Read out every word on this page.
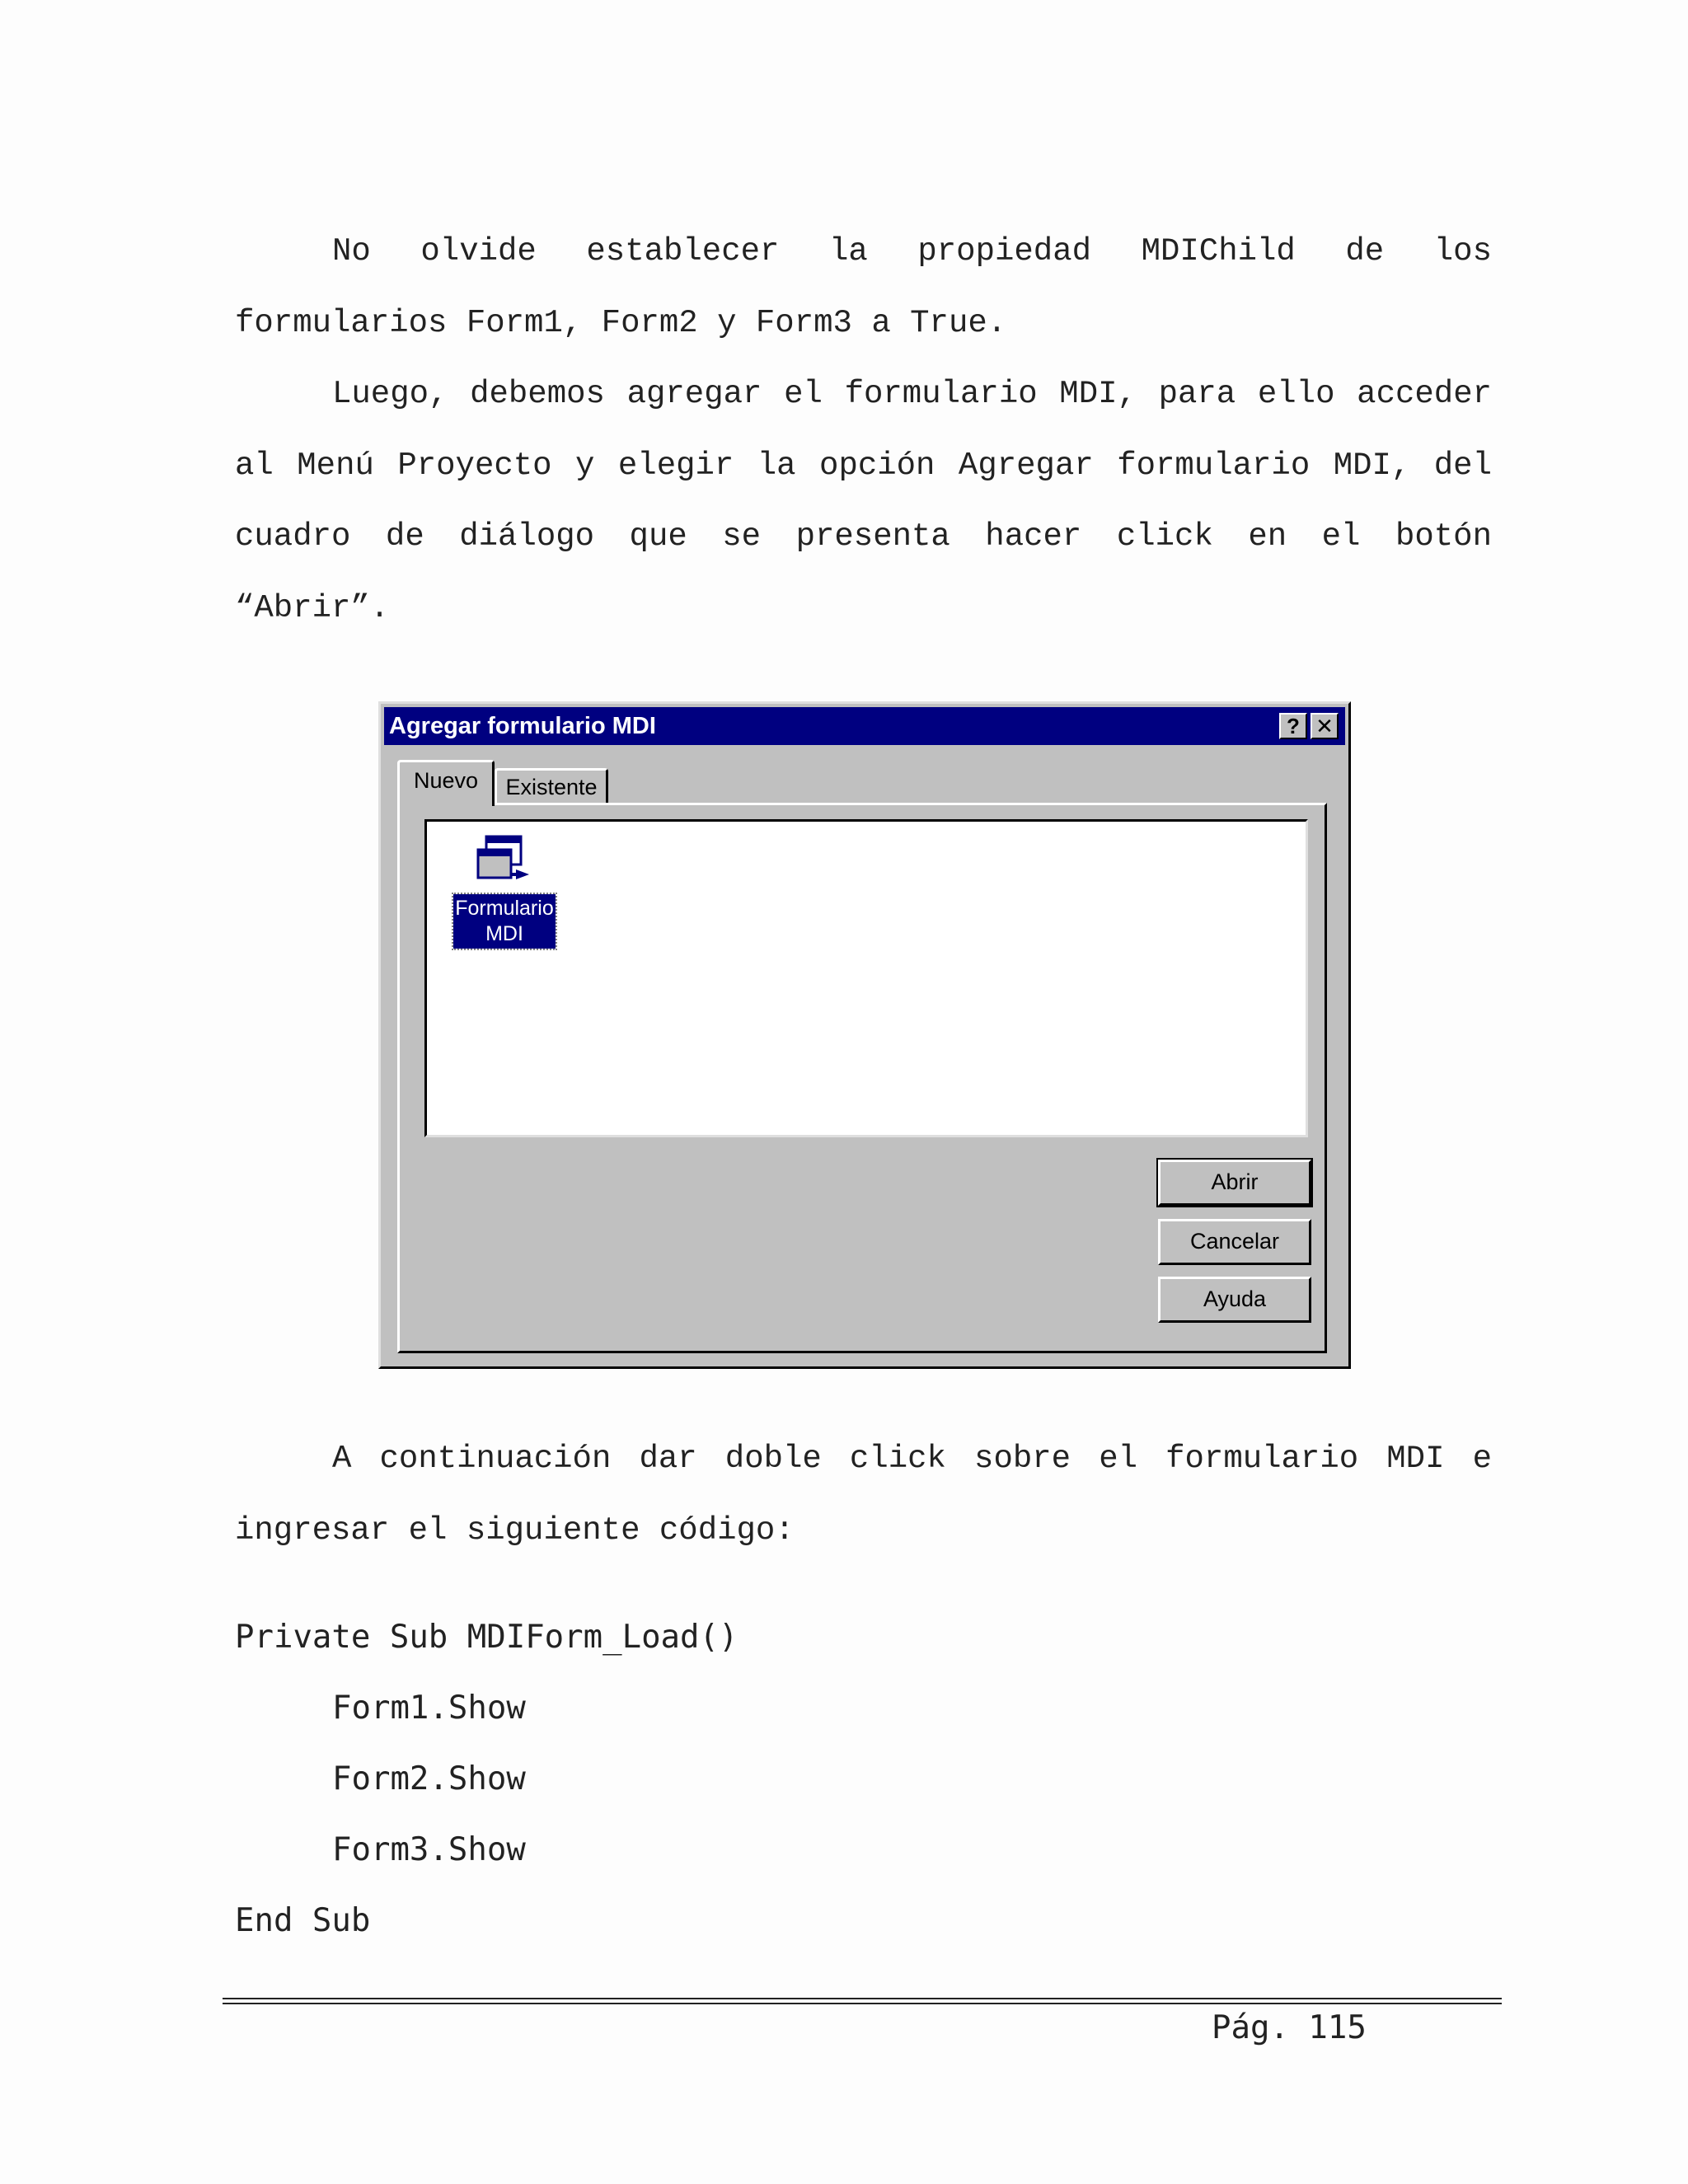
No olvide establecer la propiedad MDIChild de los formularios Form1, Form2 y Form3 a True.

Luego, debemos agregar el formulario MDI, para ello acceder al Menú Proyecto y elegir la opción Agregar formulario MDI, del cuadro de diálogo que se presenta hacer click en el botón “Abrir”.

Agregar formulario MDI	? ✕
Nuevo	Existente
Formulario
MDI
Abrir
Cancelar
Ayuda

A continuación dar doble click sobre el formulario MDI e ingresar el siguiente código:

Private Sub MDIForm_Load()
Form1.Show
Form2.Show
Form3.Show
End Sub
Pág. 115
